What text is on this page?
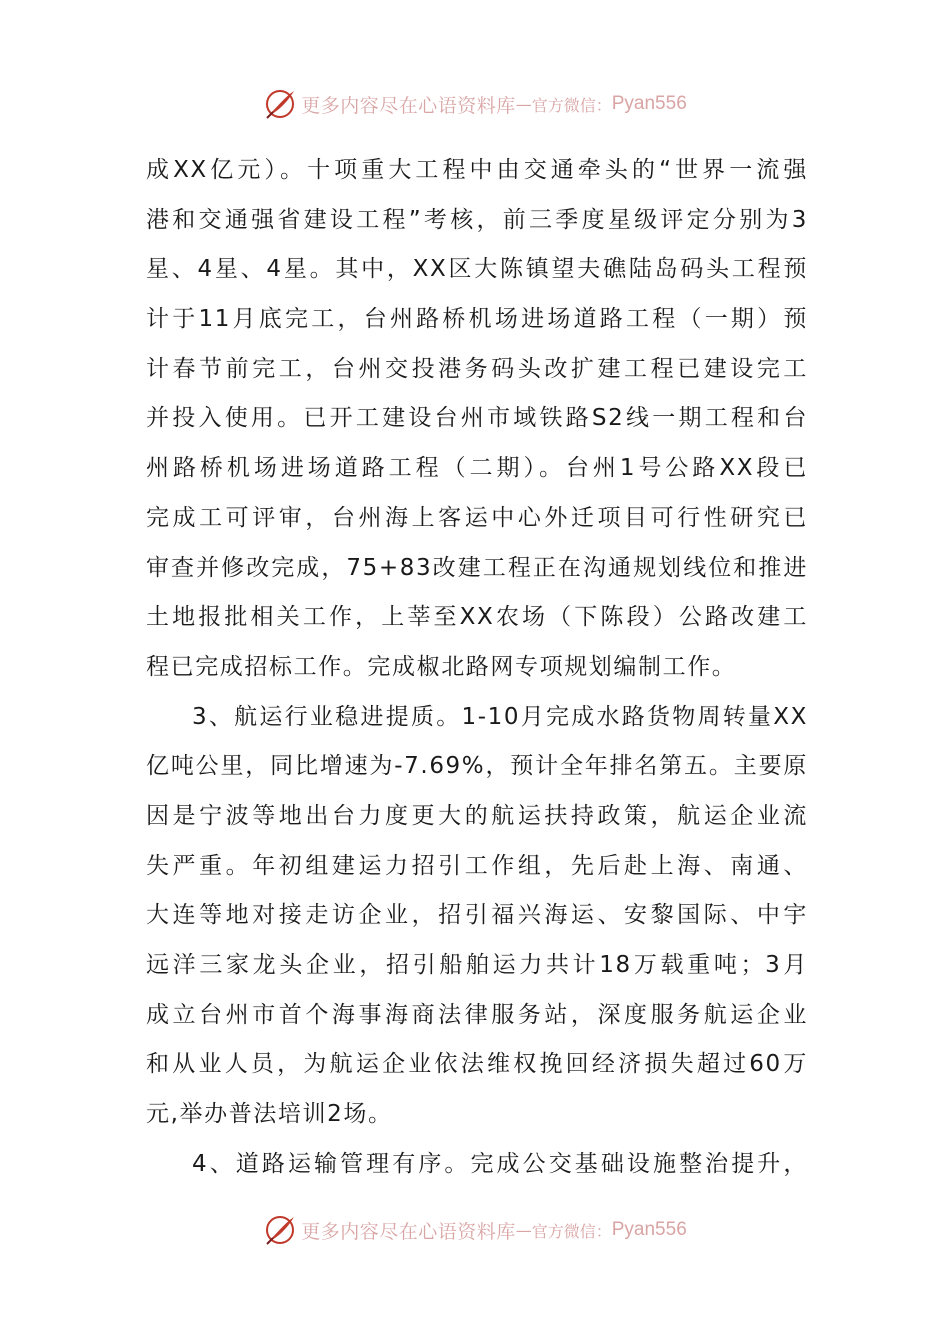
更多内容尽在心语资料库 — 官方微信： Pyan556
成XX亿元）。十项重大工程中由交通牵头的“世界一流强
港和交通强省建设工程”考核，前三季度星级评定分别为3
星、4星、4星。其中，XX区大陈镇望夫礁陆岛码头工程预
计于11月底完工，台州路桥机场进场道路工程（一期）预
计春节前完工，台州交投港务码头改扩建工程已建设完工
并投入使用。已开工建设台州市域铁路S2线一期工程和台
州路桥机场进场道路工程（二期）。台州1号公路XX段已
完成工可评审，台州海上客运中心外迁项目可行性研究已
审查并修改完成，75+83改建工程正在沟通规划线位和推进
土地报批相关工作，上莘至XX农场（下陈段）公路改建工
程已完成招标工作。完成椒北路网专项规划编制工作。
3、航运行业稳进提质。1-10月完成水路货物周转量XX
亿吨公里，同比增速为-7.69%，预计全年排名第五。主要原
因是宁波等地出台力度更大的航运扶持政策，航运企业流
失严重。年初组建运力招引工作组，先后赴上海、南通、
大连等地对接走访企业，招引福兴海运、安黎国际、中宇
远洋三家龙头企业，招引船舶运力共计18万载重吨；3月
成立台州市首个海事海商法律服务站，深度服务航运企业
和从业人员，为航运企业依法维权挽回经济损失超过60万
元,举办普法培训2场。
4、道路运输管理有序。完成公交基础设施整治提升，
更多内容尽在心语资料库 — 官方微信： Pyan556
